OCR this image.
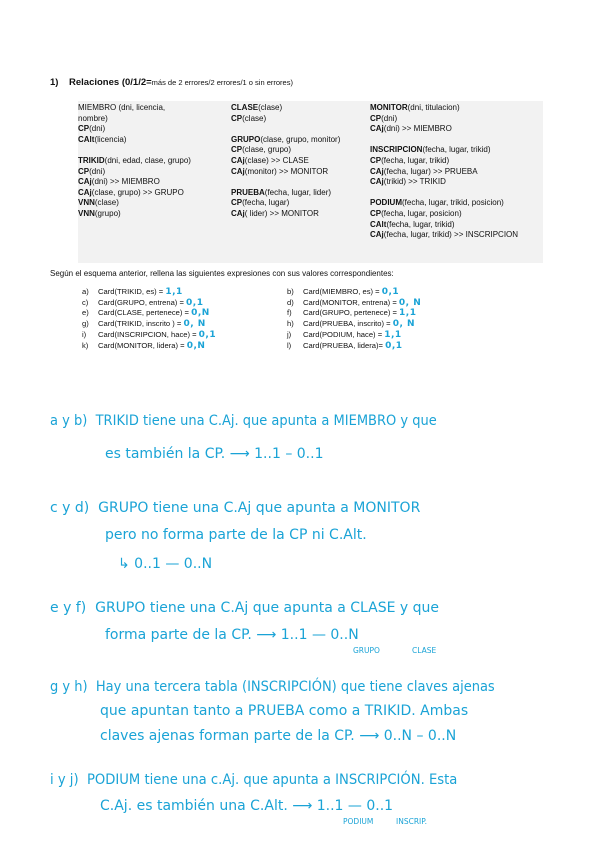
1) Relaciones (0/1/2=más de 2 errores/2 errores/1 o sin errores)
MIEMBRO (dni, licencia,
nombre)
CP(dni)
CAlt(licencia)
TRIKID(dni, edad, clase, grupo)
CP(dni)
CAj(dni) >> MIEMBRO
CAj(clase, grupo) >> GRUPO
VNN(clase)
VNN(grupo)
CLASE(clase)
CP(clase)
GRUPO(clase, grupo, monitor)
CP(clase, grupo)
CAj(clase) >> CLASE
CAj(monitor) >> MONITOR
PRUEBA(fecha, lugar, lider)
CP(fecha, lugar)
CAj( lider) >> MONITOR
MONITOR(dni, titulacion)
CP(dni)
CAj(dni) >> MIEMBRO
INSCRIPCION(fecha, lugar, trikid)
CP(fecha, lugar, trikid)
CAj(fecha, lugar) >> PRUEBA
CAj(trikid) >> TRIKID
PODIUM(fecha, lugar, trikid, posicion)
CP(fecha, lugar, posicion)
CAlt(fecha, lugar, trikid)
CAj(fecha, lugar, trikid) >> INSCRIPCION
Según el esquema anterior, rellena las siguientes expresiones con sus valores correspondientes:
a) Card(TRIKID, es) = 1,1	b) Card(MIEMBRO, es) = 0,1
c) Card(GRUPO, entrena) = 0,1	d) Card(MONITOR, entrena) = 0, N
e) Card(CLASE, pertenece) = 0,N	f) Card(GRUPO, pertenece) = 1,1
g) Card(TRIKID, inscrito ) = 0, N	h) Card(PRUEBA, inscrito) = 0, N
i) Card(INSCRIPCION, hace) = 0,1	j) Card(PODIUM, hace) = 1,1
k) Card(MONITOR, lidera) = 0,N	l) Card(PRUEBA, lidera)= 0,1
a y b) TRIKID tiene una C.Aj. que apunta a MIEMBRO y que
es también la CP. ⟶ 1..1 – 0..1
c y d) GRUPO tiene una C.Aj que apunta a MONITOR
pero no forma parte de la CP ni C.Alt.
↳ 0..1 — 0..N
e y f) GRUPO tiene una C.Aj que apunta a CLASE y que
forma parte de la CP. ⟶ 1..1 — 0..N
GRUPO	CLASE
g y h) Hay una tercera tabla (INSCRIPCIÓN) que tiene claves ajenas
que apuntan tanto a PRUEBA como a TRIKID. Ambas
claves ajenas forman parte de la CP. ⟶ 0..N – 0..N
i y j) PODIUM tiene una c.Aj. que apunta a INSCRIPCIÓN. Esta
C.Aj. es también una C.Alt. ⟶ 1..1 — 0..1
PODIUM	INSCRIP.
